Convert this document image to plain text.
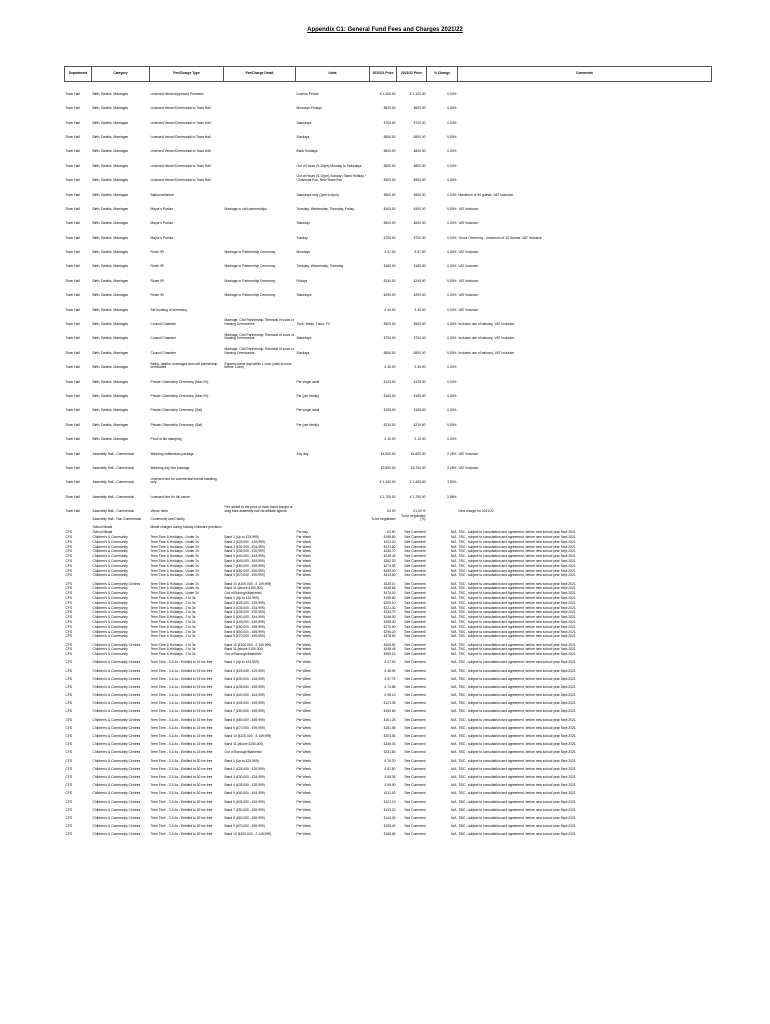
Appendix C1: General Fund Fees and Charges 2021/22
Department	Category	Fee/Charge Type	Fee/Charge Detail	Units	2020/21 Price	2021/22 Price	% Change	Comments
Town Hall	Birth, Deaths, Marriages	Licensed Venue/Approved Premises		Licence Period	£ 1,100.00	£ 1,100.00	0.00%	
Town Hall	Birth, Deaths, Marriages	Licensed Venue/Ceremonial to Town Hall		Mondays-Fridays	£620.00	£620.00	0.00%	
Town Hall	Birth, Deaths, Marriages	Licensed Venue/Ceremonial to Town Hall		Saturdays	£700.00	£700.00	0.00%	
Town Hall	Birth, Deaths, Marriages	Licensed Venue/Ceremonial to Town Hall		Sundays	£800.00	£800.00	0.00%	
Town Hall	Birth, Deaths, Marriages	Licensed Venue/Ceremonial to Town Hall		Bank Holidays	£800.00	£800.00	0.00%	
Town Hall	Birth, Deaths, Marriages	Licensed Venue/Ceremonial to Town Hall		Out of Hours (5-10pm) Monday to Saturdays	£800.00	£800.00	0.00%	
Town Hall	Birth, Deaths, Marriages	Licensed Venue/Ceremonial to Town Hall		Out of Hours (5-10pm) Sunday / Bank Holiday / Christmas Eve, New Years Eve	£900.00	£900.00	0.00%	
Town Hall	Birth, Deaths, Marriages	Ballroom/Atrium		Saturdays only (2pm to 6pm)	£500.00	£500.00	0.00%	Maximum of 60 guests. VAT Inclusive
Town Hall	Birth, Deaths, Marriages	Mayor's Parlour	Marriage or civil partnerships	Tuesday, Wednesday, Thursday, Friday	£400.00	£400.00	0.00%	VAT Inclusive
Town Hall	Birth, Deaths, Marriages	Mayor's Parlour		Saturday	£600.00	£600.00	0.00%	VAT Inclusive
Town Hall	Birth, Deaths, Marriages	Mayor's Parlour		Sunday	£700.00	£700.00	0.00%	Gross Ceremony - maximum of 10 Guests. VAT Inclusive
Town Hall	Birth, Deaths, Marriages	Room 99	Marriage or Partnership Ceremony	Mondays	£ 57.00	£ 57.00	0.00%	VAT Inclusive
Town Hall	Birth, Deaths, Marriages	Room 99	Marriage or Partnership Ceremony	Tuesday, Wednesday, Thursday	£180.00	£180.00	0.00%	VAT Inclusive
Town Hall	Birth, Deaths, Marriages	Room 99	Marriage or Partnership Ceremony	Fridays	£240.00	£240.00	0.00%	VAT Inclusive
Town Hall	Birth, Deaths, Marriages	Room 99	Marriage or Partnership Ceremony	Saturdays	£290.00	£290.00	0.00%	VAT Inclusive
Town Hall	Birth, Deaths, Marriages	Set booking of ceremony			£ 40.00	£ 40.00	0.00%	VAT Inclusive
Town Hall	Birth, Deaths, Marriages	Council Chamber	Marriage, Civil Partnership, Renewal of vows or Naming Ceremonies	Tues, Weds, Thurs, Fri	£500.00	£500.00	0.00%	Includes use of balcony, VAT Inclusive
Town Hall	Birth, Deaths, Marriages	Council Chamber	Marriage, Civil Partnership, Renewal of vows or Naming Ceremonies	Saturdays	£700.00	£700.00	0.00%	Includes use of balcony, VAT Inclusive
Town Hall	Birth, Deaths, Marriages	Council Chamber	Marriage, Civil Partnership, Renewal of vows or Naming Ceremonies	Sundays	£800.00	£800.00	0.00%	Includes use of balcony, VAT Inclusive
Town Hall	Birth, Deaths, Marriages	Births, deaths, marriages and civil partnership certificates	Express same day within 1 hour (walk-in once before 11am)		£ 35.00	£ 35.00	0.00%	
Town Hall	Birth, Deaths, Marriages	Private Citizenship Ceremony (Mon-Fri)		Per single adult	£125.00	£125.00	0.00%	
Town Hall	Birth, Deaths, Marriages	Private Citizenship Ceremony (Mon-Fri)		Per (per family)	£180.00	£180.00	0.00%	
Town Hall	Birth, Deaths, Marriages	Private Citizenship Ceremony (Sat)		Per single adult	£155.00	£155.00	0.00%	
Town Hall	Birth, Deaths, Marriages	Private Citizenship Ceremony (Sat)		Per (per family)	£210.00	£210.00	0.00%	
Town Hall	Birth, Deaths, Marriages	Proof of life stamping			£ 10.00	£ 10.00	0.00%	
Town Hall	Assembly Hall - Commercial	Wedding celebration package		Any day	£4,500.00	£4,600.00	2.26%	VAT Inclusive
Town Hall	Assembly Hall - Commercial	Wedding day hire package			£3,500.00	£3,700.00	2.26%	VAT Inclusive
Town Hall	Assembly Hall - Commercial	Licensed hire for commercial events standing only			£ 1,400.00	£ 1,450.00	3.50%	
Town Hall	Assembly Hall - Commercial	Licensed hire for full venue			£ 1,700.00	£ 1,750.00	2.86%	
Town Hall	Assembly Hall - Commercial	Venue hires	Fee added to the price of each ticket bought at drag bars assembly hall via affiliate agents		£0.00	£1.00 %		New charge for 2021/22
	Assembly Hall - Non Commercial	Community use/Charity			To be negotiated	To be negotiated (%)		
	School Meals	Meals charges during holiday childcare provision						
CFS	School Meals			Per day	£2.50	See Comment	N/A	TBC - subject to consultation and agreement, before new school year Sept 2021
CFS	Children's & Community	Term Time & Holidays - Under 2s	Band 1 (Up to £24,999)	Per Week	£198.60	See Comment	N/A	TBC - subject to consultation and agreement, before new school year Sept 2021
CFS	Children's & Community	Term Time & Holidays - Under 2s	Band 2 (£25,000 - £29,999)	Per Week	£211.20	See Comment	N/A	TBC - subject to consultation and agreement, before new school year Sept 2021
CFS	Children's & Community	Term Time & Holidays - Under 2s	Band 3 (£30,000 - £34,999)	Per Week	£223.80	See Comment	N/A	TBC - subject to consultation and agreement, before new school year Sept 2021
CFS	Children's & Community	Term Time & Holidays - Under 2s	Band 4 (£35,000 - £39,999)	Per Week	£236.70	See Comment	N/A	TBC - subject to consultation and agreement, before new school year Sept 2021
CFS	Children's & Community	Term Time & Holidays - Under 2s	Band 5 (£40,000 - £44,999)	Per Week	£249.45	See Comment	N/A	TBC - subject to consultation and agreement, before new school year Sept 2021
CFS	Children's & Community	Term Time & Holidays - Under 2s	Band 6 (£45,000 - £49,999)	Per Week	£262.20	See Comment	N/A	TBC - subject to consultation and agreement, before new school year Sept 2021
CFS	Children's & Community	Term Time & Holidays - Under 2s	Band 7 (£50,000 - £59,999)	Per Week	£274.95	See Comment	N/A	TBC - subject to consultation and agreement, before new school year Sept 2021
CFS	Children's & Community	Term Time & Holidays - Under 2s	Band 8 (£60,000 - £69,999)	Per Week	£299.40	See Comment	N/A	TBC - subject to consultation and agreement, before new school year Sept 2021
CFS	Children's & Community	Term Time & Holidays - Under 2s	Band 9 (£70,000 - £99,999)	Per Week	£412.80	See Comment	N/A	TBC - subject to consultation and agreement, before new school year Sept 2021
CFS	Children's & Community Centres	Term Time & Holidays - Under 2s	Band 10 (£100,000 - £ 149,999)	Per Week	£425.10	See Comment	N/A	TBC - subject to consultation and agreement, before new school year Sept 2021
CFS	Children's & Community	Term Time & Holidays - Under 2s	Band 11 (above £150,000)	Per Week	£448.65	See Comment	N/A	TBC - subject to consultation and agreement, before new school year Sept 2021
CFS	Children's & Community	Term Time & Holidays - Under 2s	Out of Borough/Marketed	Per Week	£474.00	See Comment	N/A	TBC - subject to consultation and agreement, before new school year Sept 2021
CFS	Children's & Community	Term Time & Holidays - 2 to 3s	Band 1 (Up to £24,999)	Per Week	£196.80	See Comment	N/A	TBC - subject to consultation and agreement, before new school year Sept 2021
CFS	Children's & Community	Term Time & Holidays - 2 to 3s	Band 2 (£25,000 - £29,999)	Per Week	£209.10	See Comment	N/A	TBC - subject to consultation and agreement, before new school year Sept 2021
CFS	Children's & Community	Term Time & Holidays - 2 to 3s	Band 3 (£30,000 - £34,999)	Per Week	£221.40	See Comment	N/A	TBC - subject to consultation and agreement, before new school year Sept 2021
CFS	Children's & Community	Term Time & Holidays - 2 to 3s	Band 4 (£35,000 - £39,999)	Per Week	£233.70	See Comment	N/A	TBC - subject to consultation and agreement, before new school year Sept 2021
CFS	Children's & Community	Term Time & Holidays - 2 to 3s	Band 5 (£40,000 - £44,999)	Per Week	£246.00	See Comment	N/A	TBC - subject to consultation and agreement, before new school year Sept 2021
CFS	Children's & Community	Term Time & Holidays - 2 to 3s	Band 6 (£45,000 - £49,999)	Per Week	£258.30	See Comment	N/A	TBC - subject to consultation and agreement, before new school year Sept 2021
CFS	Children's & Community	Term Time & Holidays - 2 to 3s	Band 7 (£50,000 - £59,999)	Per Week	£270.60	See Comment	N/A	TBC - subject to consultation and agreement, before new school year Sept 2021
CFS	Children's & Community	Term Time & Holidays - 2 to 3s	Band 8 (£60,000 - £69,999)	Per Week	£295.20	See Comment	N/A	TBC - subject to consultation and agreement, before new school year Sept 2021
CFS	Children's & Community	Term Time & Holidays - 2 to 3s	Band 9 (£70,000 - £99,999)	Per Week	£378.90	See Comment	N/A	TBC - subject to consultation and agreement, before new school year Sept 2021
CFS	Children's & Community Centres	Term Time & Holidays - 2 to 3s	Band 10 (£100,000 - £ 149,999)	Per Week	£406.50	See Comment	N/A	TBC - subject to consultation and agreement, before new school year Sept 2021
CFS	Children's & Community	Term Time & Holidays - 2 to 3s	Band 11 (above £150,000)	Per Week	£438.45	See Comment	N/A	TBC - subject to consultation and agreement, before new school year Sept 2021
CFS	Children's & Community	Term Time & Holidays - 2 to 3s	Out of Borough/Marketed	Per Week	£459.15	See Comment	N/A	TBC - subject to consultation and agreement, before new school year Sept 2021
CFS	Children's & Community Centres	Term Time - 3 & 4s - Entitled to 15 hrs free	Band 1 (Up to £24,999)	Per Week	£ 27.00	See Comment	N/A	TBC - subject to consultation and agreement, before new school year Sept 2021
CFS	Children's & Community Centres	Term Time - 3 & 4s - Entitled to 15 hrs free	Band 2 (£25,000 - £29,999)	Per Week	£ 48.90	See Comment	N/A	TBC - subject to consultation and agreement, before new school year Sept 2021
CFS	Children's & Community Centres	Term Time - 3 & 4s - Entitled to 15 hrs free	Band 3 (£30,000 - £34,999)	Per Week	£ 57.75	See Comment	N/A	TBC - subject to consultation and agreement, before new school year Sept 2021
CFS	Children's & Community Centres	Term Time - 3 & 4s - Entitled to 15 hrs free	Band 4 (£35,000 - £39,999)	Per Week	£ 74.85	See Comment	N/A	TBC - subject to consultation and agreement, before new school year Sept 2021
CFS	Children's & Community Centres	Term Time - 3 & 4s - Entitled to 15 hrs free	Band 5 (£40,000 - £44,999)	Per Week	£ 98.10	See Comment	N/A	TBC - subject to consultation and agreement, before new school year Sept 2021
CFS	Children's & Community Centres	Term Time - 3 & 4s - Entitled to 15 hrs free	Band 6 (£45,000 - £49,999)	Per Week	£121.35	See Comment	N/A	TBC - subject to consultation and agreement, before new school year Sept 2021
CFS	Children's & Community Centres	Term Time - 3 & 4s - Entitled to 15 hrs free	Band 7 (£50,000 - £59,999)	Per Week	£150.60	See Comment	N/A	TBC - subject to consultation and agreement, before new school year Sept 2021
CFS	Children's & Community Centres	Term Time - 3 & 4s - Entitled to 15 hrs free	Band 8 (£60,000 - £69,999)	Per Week	£161.25	See Comment	N/A	TBC - subject to consultation and agreement, before new school year Sept 2021
CFS	Children's & Community Centres	Term Time - 3 & 4s - Entitled to 15 hrs free	Band 9 (£70,000 - £99,999)	Per Week	£181.65	See Comment	N/A	TBC - subject to consultation and agreement, before new school year Sept 2021
CFS	Children's & Community Centres	Term Time - 3 & 4s - Entitled to 15 hrs free	Band 10 (£100,000 - £ 149,999)	Per Week	£203.55	See Comment	N/A	TBC - subject to consultation and agreement, before new school year Sept 2021
CFS	Children's & Community Centres	Term Time - 3 & 4s - Entitled to 15 hrs free	Band 11 (above £150,000)	Per Week	£246.30	See Comment	N/A	TBC - subject to consultation and agreement, before new school year Sept 2021
CFS	Children's & Community Centres	Term Time - 3 & 4s - Entitled to 15 hrs free	Out of Borough/Marketed	Per Week	£331.80	See Comment	N/A	TBC - subject to consultation and agreement, before new school year Sept 2021
CFS	Children's & Community Centres	Term Time - 3 & 4s - Entitled to 30 hrs free	Band 1 (Up to £24,999)	Per Week	£ 76.20	See Comment	N/A	TBC - subject to consultation and agreement, before new school year Sept 2021
CFS	Children's & Community Centres	Term Time - 3 & 4s - Entitled to 30 hrs free	Band 2 (£25,000 - £29,999)	Per Week	£ 82.80	See Comment	N/A	TBC - subject to consultation and agreement, before new school year Sept 2021
CFS	Children's & Community Centres	Term Time - 3 & 4s - Entitled to 30 hrs free	Band 3 (£30,000 - £34,999)	Per Week	£ 88.35	See Comment	N/A	TBC - subject to consultation and agreement, before new school year Sept 2021
CFS	Children's & Community Centres	Term Time - 3 & 4s - Entitled to 30 hrs free	Band 4 (£35,000 - £39,999)	Per Week	£ 99.90	See Comment	N/A	TBC - subject to consultation and agreement, before new school year Sept 2021
CFS	Children's & Community Centres	Term Time - 3 & 4s - Entitled to 30 hrs free	Band 5 (£40,000 - £44,999)	Per Week	£111.00	See Comment	N/A	TBC - subject to consultation and agreement, before new school year Sept 2021
CFS	Children's & Community Centres	Term Time - 3 & 4s - Entitled to 30 hrs free	Band 6 (£45,000 - £49,999)	Per Week	£122.10	See Comment	N/A	TBC - subject to consultation and agreement, before new school year Sept 2021
CFS	Children's & Community Centres	Term Time - 3 & 4s - Entitled to 30 hrs free	Band 7 (£50,000 - £59,999)	Per Week	£133.20	See Comment	N/A	TBC - subject to consultation and agreement, before new school year Sept 2021
CFS	Children's & Community Centres	Term Time - 3 & 4s - Entitled to 30 hrs free	Band 8 (£60,000 - £69,999)	Per Week	£144.30	See Comment	N/A	TBC - subject to consultation and agreement, before new school year Sept 2021
CFS	Children's & Community Centres	Term Time - 3 & 4s - Entitled to 30 hrs free	Band 9 (£70,000 - £99,999)	Per Week	£155.40	See Comment	N/A	TBC - subject to consultation and agreement, before new school year Sept 2021
CFS	Children's & Community Centres	Term Time - 3 & 4s - Entitled to 30 hrs free	Band 10 (£100,000 - £ 149,999)	Per Week	£166.65	See Comment	N/A	TBC - subject to consultation and agreement, before new school year Sept 2021
